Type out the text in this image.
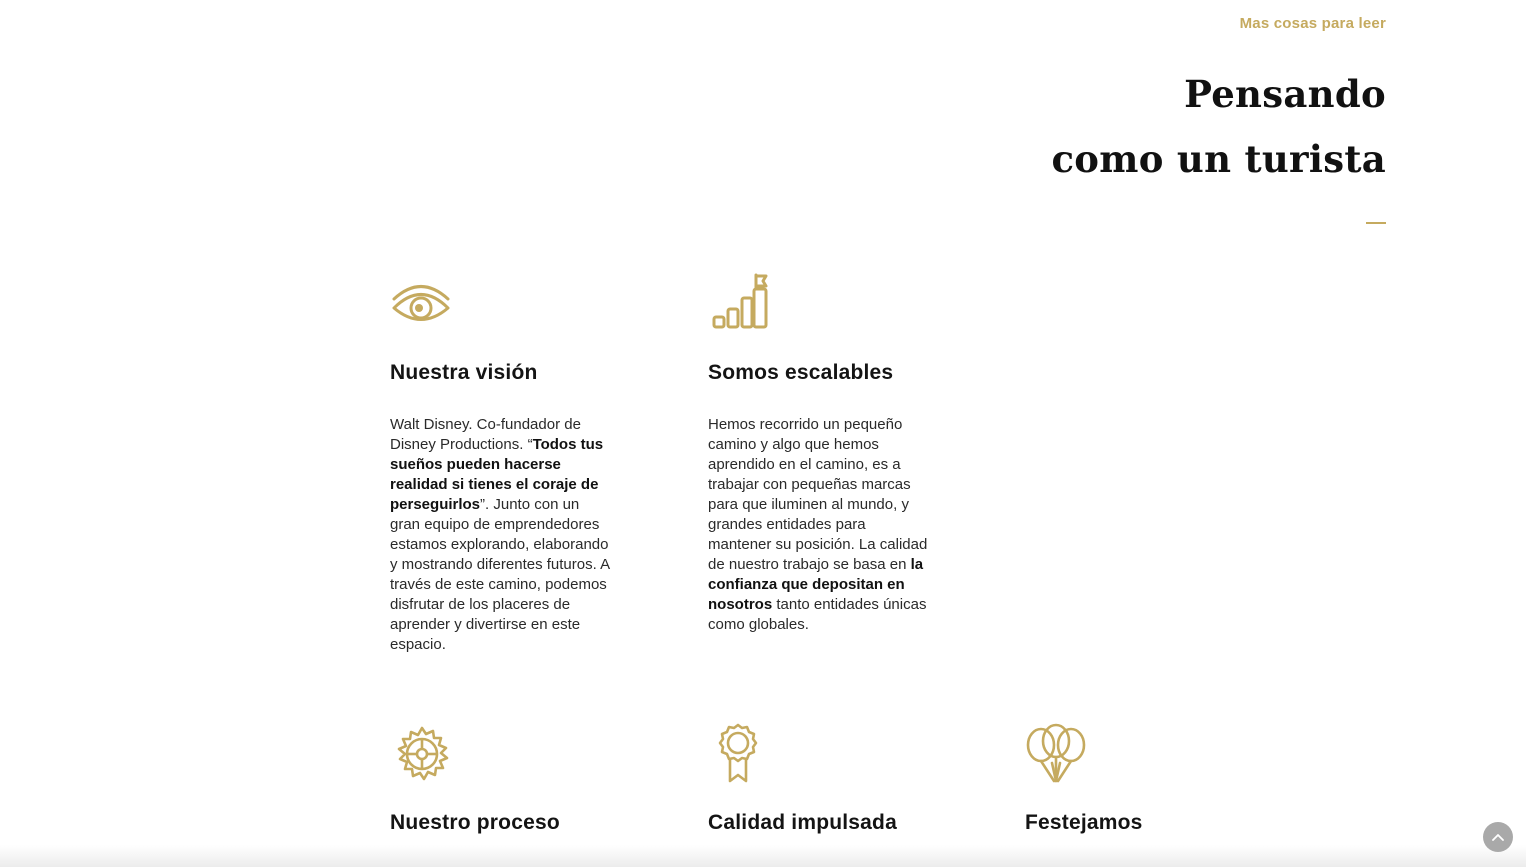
Mas cosas para leer
Pensando
como un turista
Nuestra visión

Walt Disney. Co-fundador de Disney Productions. “Todos tus sueños pueden hacerse realidad si tienes el coraje de perseguirlos”. Junto con un gran equipo de emprendedores estamos explorando, elaborando y mostrando diferentes futuros. A través de este camino, podemos disfrutar de los placeres de aprender y divertirse en este espacio.

Somos escalables

Hemos recorrido un pequeño camino y algo que hemos aprendido en el camino, es a trabajar con pequeñas marcas para que iluminen al mundo, y grandes entidades para mantener su posición. La calidad de nuestro trabajo se basa en la confianza que depositan en nosotros tanto entidades únicas como globales.

Nuestro proceso	Calidad impulsada	Festejamos
